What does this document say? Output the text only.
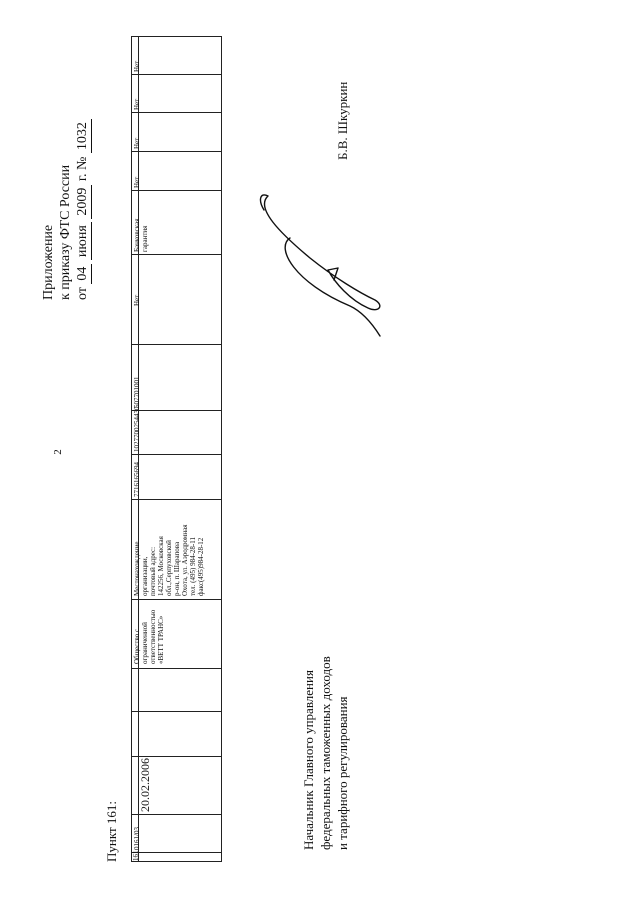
2
Приложение к приказу ФТС России от 04 июня 2009 г. № 1032	Б.В. Шкуркин
Начальник Главного управления федеральных таможенных доходов и тарифного регулирования
Пункт 161: 161
0161/03
20.02.2006
Общество с ограниченной ответственностью «ВЕТТ ТРАНС»
Местонахождение организации, почтовый адрес: 142256, Московская обл.,Серпуховской р-он, п. Шарапова Охота, ул. Аэродромная тел. (495) 984-28-11 факс(495)984-28-12
7716165694
1027700254430
507701001
Нет
Банковская гарантия
Нет
Нет
Нет
Нет
